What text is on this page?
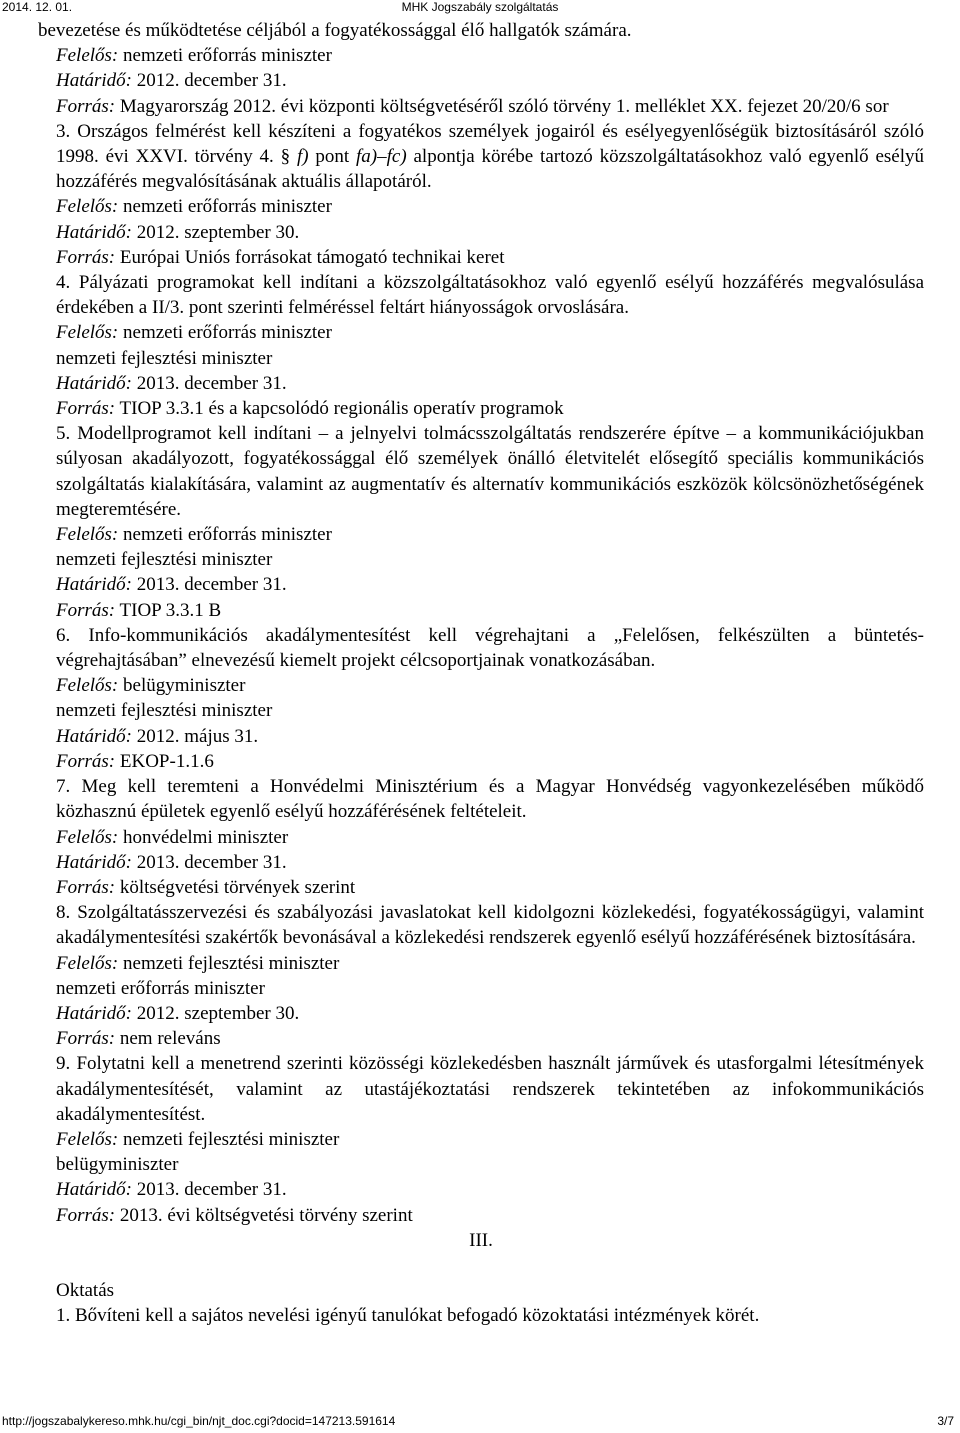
2014. 12. 01.	MHK Jogszabály szolgáltatás

bevezetése és működtetése céljából a fogyatékossággal élő hallgatók számára.

Felelős: nemzeti erőforrás miniszter

Határidő: 2012. december 31.

Forrás: Magyarország 2012. évi központi költségvetéséről szóló törvény 1. melléklet XX. fejezet 20/20/6 sor

3. Országos felmérést kell készíteni a fogyatékos személyek jogairól és esélyegyenlőségük biztosításáról szóló 1998. évi XXVI. törvény 4. § f) pont fa)–fc) alpontja körébe tartozó közszolgáltatásokhoz való egyenlő esélyű hozzáférés megvalósításának aktuális állapotáról.

Felelős: nemzeti erőforrás miniszter

Határidő: 2012. szeptember 30.

Forrás: Európai Uniós forrásokat támogató technikai keret

4. Pályázati programokat kell indítani a közszolgáltatásokhoz való egyenlő esélyű hozzáférés megvalósulása érdekében a II/3. pont szerinti felméréssel feltárt hiányosságok orvoslására.

Felelős: nemzeti erőforrás miniszter

nemzeti fejlesztési miniszter

Határidő: 2013. december 31.

Forrás: TIOP 3.3.1 és a kapcsolódó regionális operatív programok

5. Modellprogramot kell indítani – a jelnyelvi tolmácsszolgáltatás rendszerére építve – a kommunikációjukban súlyosan akadályozott, fogyatékossággal élő személyek önálló életvitelét elősegítő speciális kommunikációs szolgáltatás kialakítására, valamint az augmentatív és alternatív kommunikációs eszközök kölcsönözhetőségének megteremtésére.

Felelős: nemzeti erőforrás miniszter

nemzeti fejlesztési miniszter

Határidő: 2013. december 31.

Forrás: TIOP 3.3.1 B

6. Info-kommunikációs akadálymentesítést kell végrehajtani a „Felelősen, felkészülten a büntetés-végrehajtásában” elnevezésű kiemelt projekt célcsoportjainak vonatkozásában.

Felelős: belügyminiszter

nemzeti fejlesztési miniszter

Határidő: 2012. május 31.

Forrás: EKOP-1.1.6

7. Meg kell teremteni a Honvédelmi Minisztérium és a Magyar Honvédség vagyonkezelésében működő közhasznú épületek egyenlő esélyű hozzáférésének feltételeit.

Felelős: honvédelmi miniszter

Határidő: 2013. december 31.

Forrás: költségvetési törvények szerint

8. Szolgáltatásszervezési és szabályozási javaslatokat kell kidolgozni közlekedési, fogyatékosságügyi, valamint akadálymentesítési szakértők bevonásával a közlekedési rendszerek egyenlő esélyű hozzáférésének biztosítására.

Felelős: nemzeti fejlesztési miniszter

nemzeti erőforrás miniszter

Határidő: 2012. szeptember 30.

Forrás: nem releváns

9. Folytatni kell a menetrend szerinti közösségi közlekedésben használt járművek és utasforgalmi létesítmények akadálymentesítését, valamint az utastájékoztatási rendszerek tekintetében az infokommunikációs akadálymentesítést.

Felelős: nemzeti fejlesztési miniszter

belügyminiszter

Határidő: 2013. december 31.

Forrás: 2013. évi költségvetési törvény szerint

III.

Oktatás

1. Bővíteni kell a sajátos nevelési igényű tanulókat befogadó közoktatási intézmények körét.

http://jogszabalykereso.mhk.hu/cgi_bin/njt_doc.cgi?docid=147213.591614	3/7
